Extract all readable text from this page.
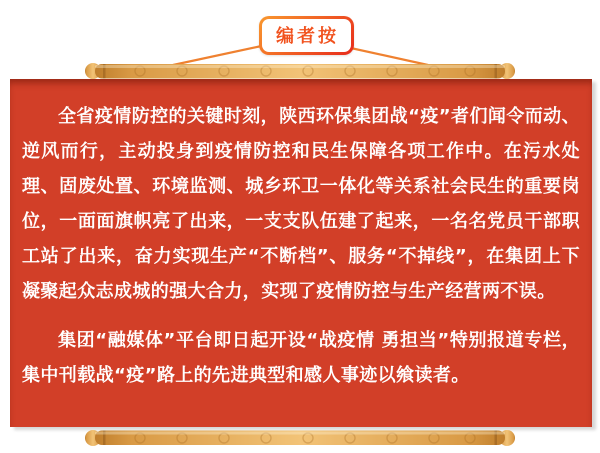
编者按

全省疫情防控的关键时刻，陕西环保集团战“疫”者们闻令而动、逆风而行，主动投身到疫情防控和民生保障各项工作中。在污水处理、固废处置、环境监测、城乡环卫一体化等关系社会民生的重要岗位，一面面旗帜亮了出来，一支支队伍建了起来，一名名党员干部职工站了出来，奋力实现生产“不断档”、服务“不掉线”，在集团上下凝聚起众志成城的强大合力，实现了疫情防控与生产经营两不误。

集团“融媒体”平台即日起开设“战疫情 勇担当”特别报道专栏，集中刊载战“疫”路上的先进典型和感人事迹以飨读者。
